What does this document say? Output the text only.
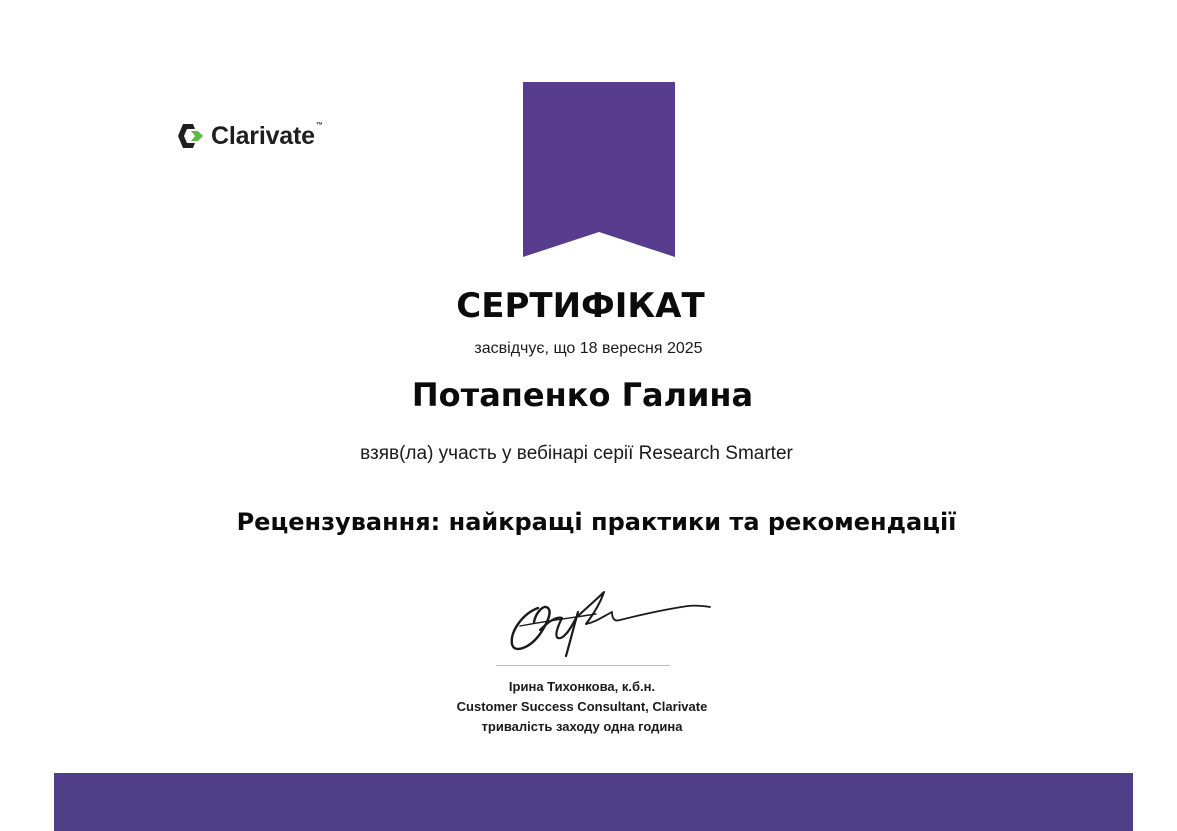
Clarivate ™
СЕРТИФІКАТ
засвідчує, що 18 вересня 2025
Потапенко Галина
взяв(ла) участь у вебінарі серії Research Smarter
Рецензування: найкращі практики та рекомендації
Ірина Тихонкова, к.б.н.
Customer Success Consultant, Clarivate
тривалість заходу одна година
